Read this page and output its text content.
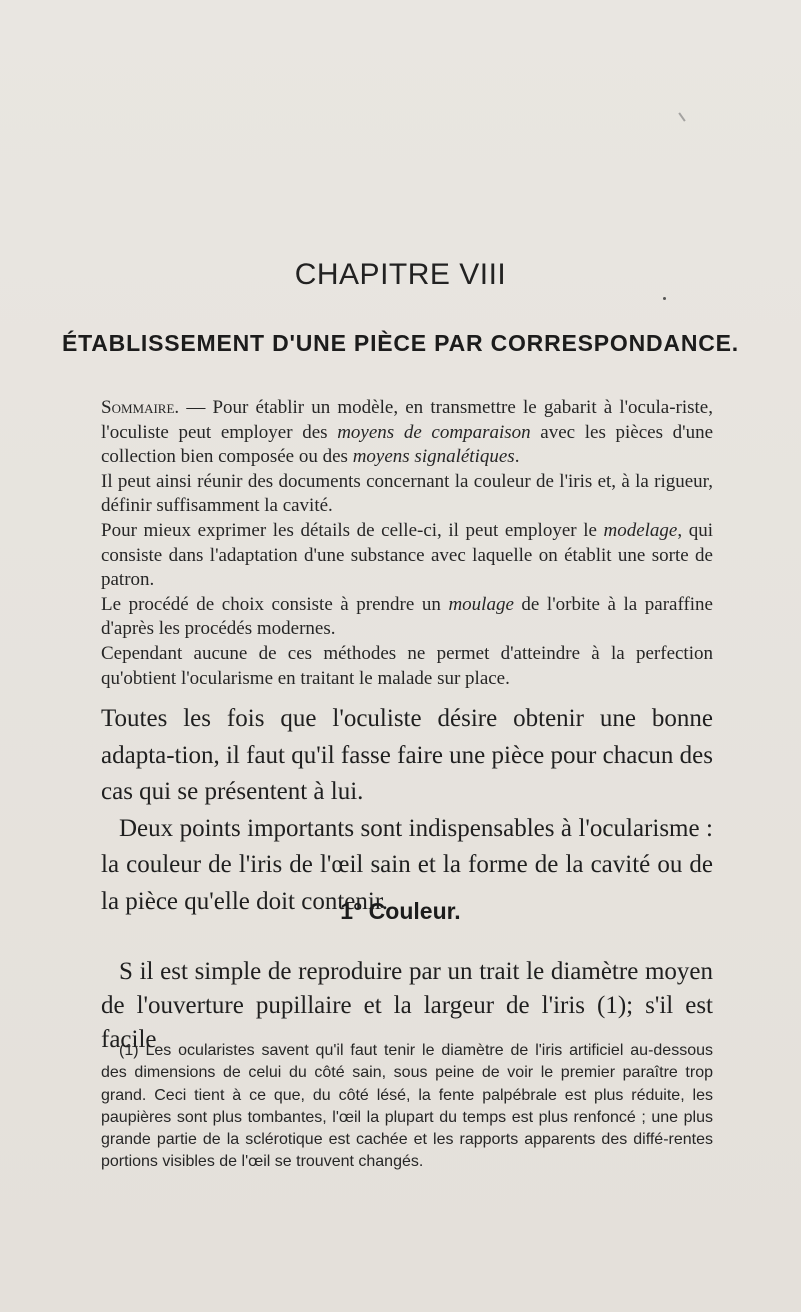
CHAPITRE VIII
ÉTABLISSEMENT D'UNE PIÈCE PAR CORRESPONDANCE.

Sommaire. — Pour établir un modèle, en transmettre le gabarit à l'ocula-riste, l'oculiste peut employer des moyens de comparaison avec les pièces d'une collection bien composée ou des moyens signalétiques.

Il peut ainsi réunir des documents concernant la couleur de l'iris et, à la rigueur, définir suffisamment la cavité.

Pour mieux exprimer les détails de celle-ci, il peut employer le modelage, qui consiste dans l'adaptation d'une substance avec laquelle on établit une sorte de patron.

Le procédé de choix consiste à prendre un moulage de l'orbite à la paraffine d'après les procédés modernes.

Cependant aucune de ces méthodes ne permet d'atteindre à la perfection qu'obtient l'ocularisme en traitant le malade sur place.

Toutes les fois que l'oculiste désire obtenir une bonne adapta-tion, il faut qu'il fasse faire une pièce pour chacun des cas qui se présentent à lui.

Deux points importants sont indispensables à l'ocularisme : la couleur de l'iris de l'œil sain et la forme de la cavité ou de la pièce qu'elle doit contenir.

1° Couleur.

S il est simple de reproduire par un trait le diamètre moyen de l'ouverture pupillaire et la largeur de l'iris (1); s'il est facile

(1) Les ocularistes savent qu'il faut tenir le diamètre de l'iris artificiel au-dessous des dimensions de celui du côté sain, sous peine de voir le premier paraître trop grand. Ceci tient à ce que, du côté lésé, la fente palpébrale est plus réduite, les paupières sont plus tombantes, l'œil la plupart du temps est plus renfoncé ; une plus grande partie de la sclérotique est cachée et les rapports apparents des diffé-rentes portions visibles de l'œil se trouvent changés.
